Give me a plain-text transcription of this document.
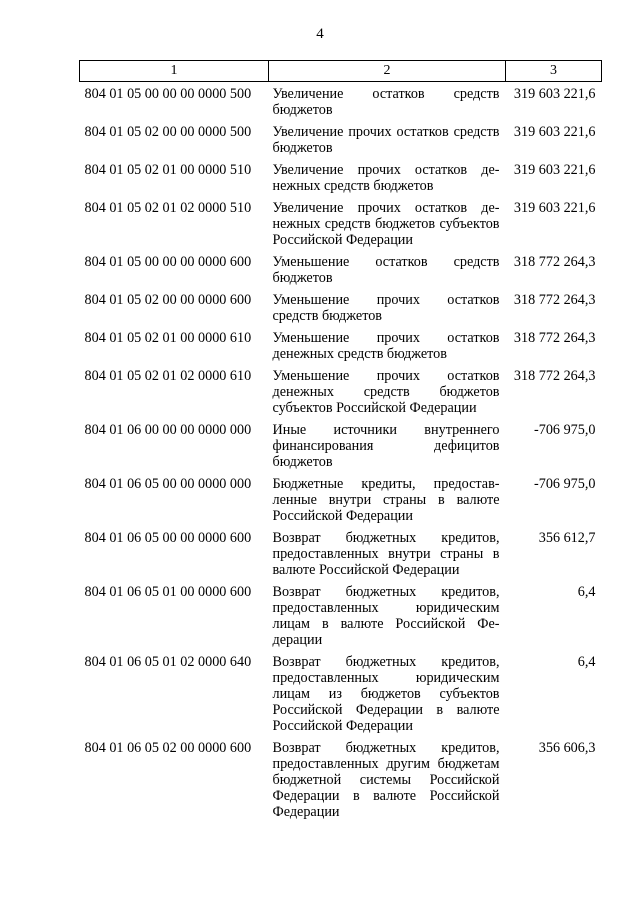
4
1	2	3
804 01 05 00 00 00 0000 500	Увеличение остатков средств бюджетов	319 603 221,6
804 01 05 02 00 00 0000 500	Увеличение прочих остатков средств бюджетов	319 603 221,6
804 01 05 02 01 00 0000 510	Увеличение прочих остатков денежных средств бюджетов	319 603 221,6
804 01 05 02 01 02 0000 510	Увеличение прочих остатков денежных средств бюджетов субъектов Российской Федерации	319 603 221,6
804 01 05 00 00 00 0000 600	Уменьшение остатков средств бюджетов	318 772 264,3
804 01 05 02 00 00 0000 600	Уменьшение прочих остатков средств бюджетов	318 772 264,3
804 01 05 02 01 00 0000 610	Уменьшение прочих остатков денежных средств бюджетов	318 772 264,3
804 01 05 02 01 02 0000 610	Уменьшение прочих остатков денежных средств бюджетов субъектов Российской Федерации	318 772 264,3
804 01 06 00 00 00 0000 000	Иные источники внутреннего финансирования дефицитов бюджетов	-706 975,0
804 01 06 05 00 00 0000 000	Бюджетные кредиты, предоставленные внутри страны в валюте Российской Федерации	-706 975,0
804 01 06 05 00 00 0000 600	Возврат бюджетных кредитов, предоставленных внутри страны в валюте Российской Федерации	356 612,7
804 01 06 05 01 00 0000 600	Возврат бюджетных кредитов, предоставленных юридическим лицам в валюте Российской Федерации	6,4
804 01 06 05 01 02 0000 640	Возврат бюджетных кредитов, предоставленных юридическим лицам из бюджетов субъектов Российской Федерации в валюте Российской Федерации	6,4
804 01 06 05 02 00 0000 600	Возврат бюджетных кредитов, предоставленных другим бюджетам бюджетной системы Российской Федерации в валюте Российской Федерации	356 606,3
